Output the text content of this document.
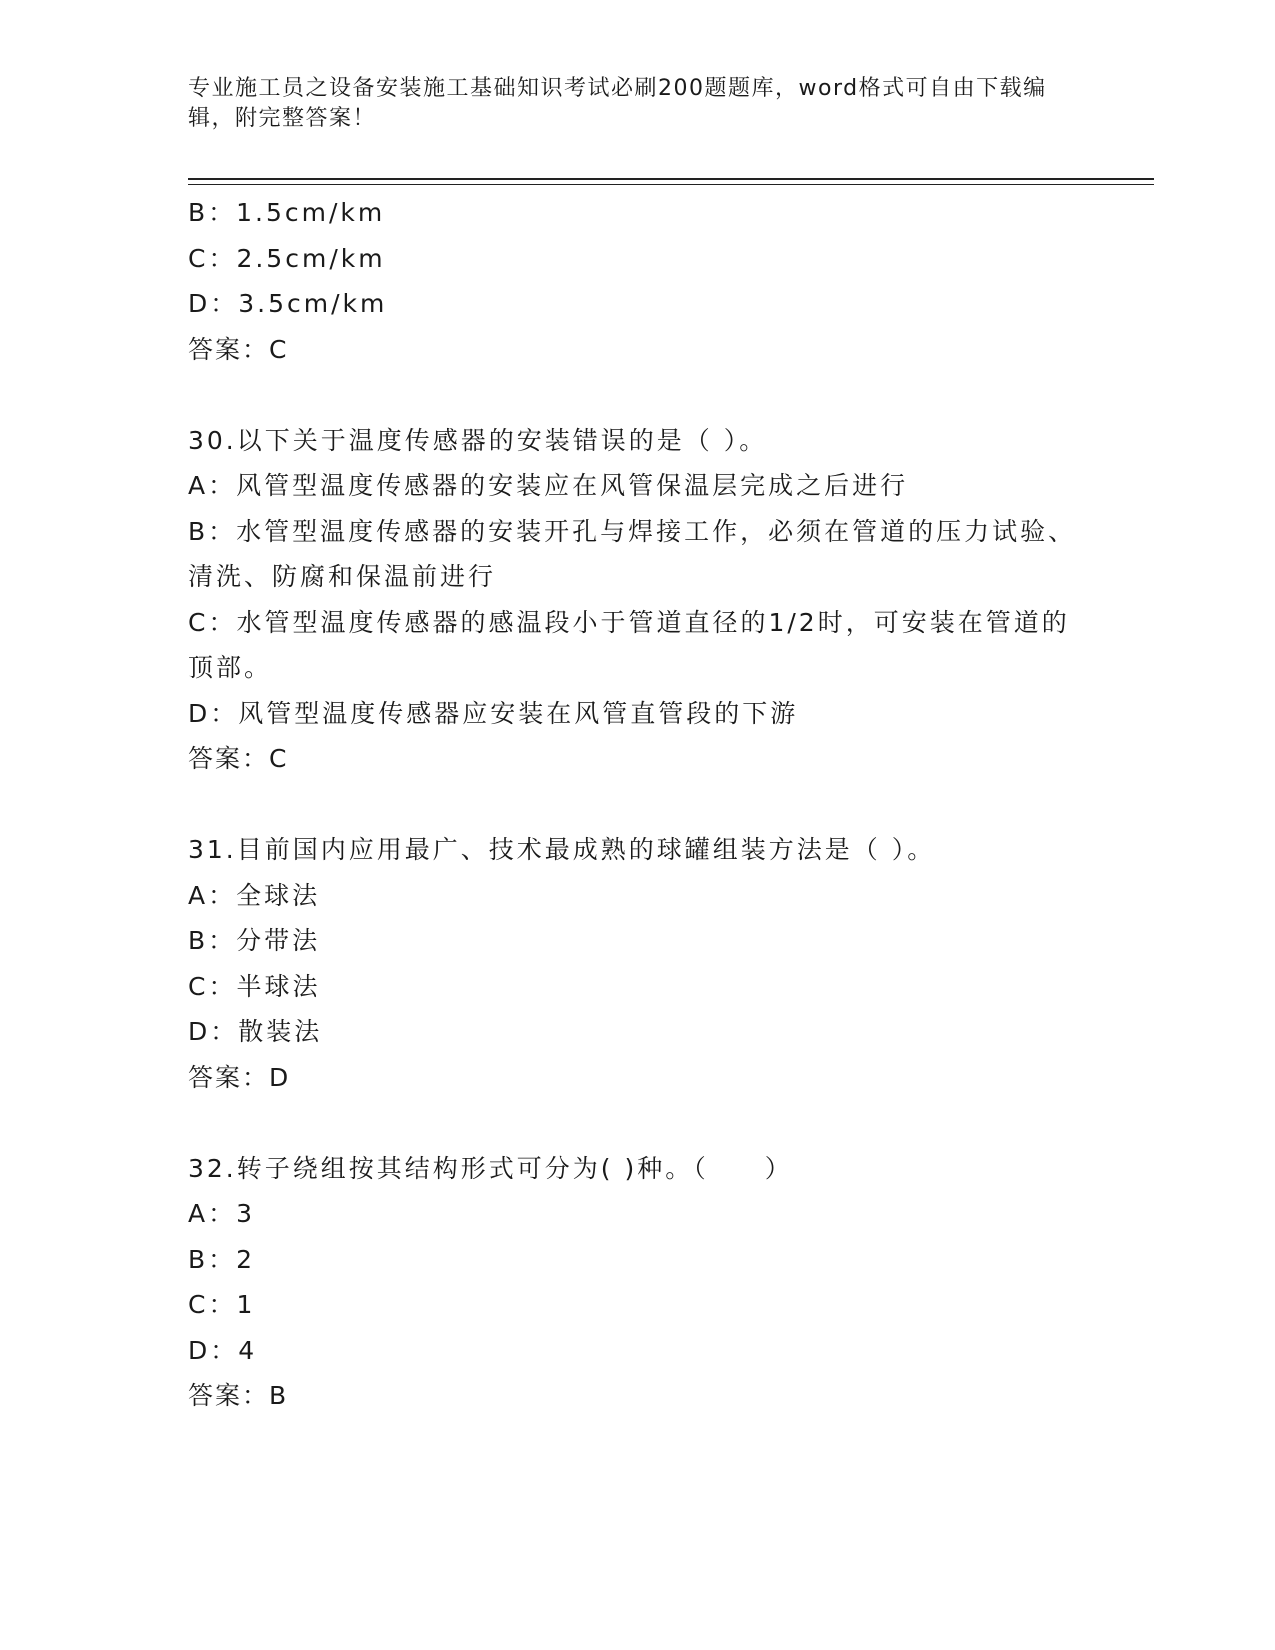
专业施工员之设备安装施工基础知识考试必刷200题题库，word格式可自由下载编辑，附完整答案！
B：1.5cm/km
C：2.5cm/km
D：3.5cm/km
答案：C
30.以下关于温度传感器的安装错误的是（ ）。
A：风管型温度传感器的安装应在风管保温层完成之后进行
B：水管型温度传感器的安装开孔与焊接工作，必须在管道的压力试验、清洗、防腐和保温前进行
C：水管型温度传感器的感温段小于管道直径的1/2时，可安装在管道的顶部。
D：风管型温度传感器应安装在风管直管段的下游
答案：C
31.目前国内应用最广、技术最成熟的球罐组装方法是（ ）。
A：全球法
B：分带法
C：半球法
D：散装法
答案：D
32.转子绕组按其结构形式可分为( )种。（　　）
A：3
B：2
C：1
D：4
答案：B
